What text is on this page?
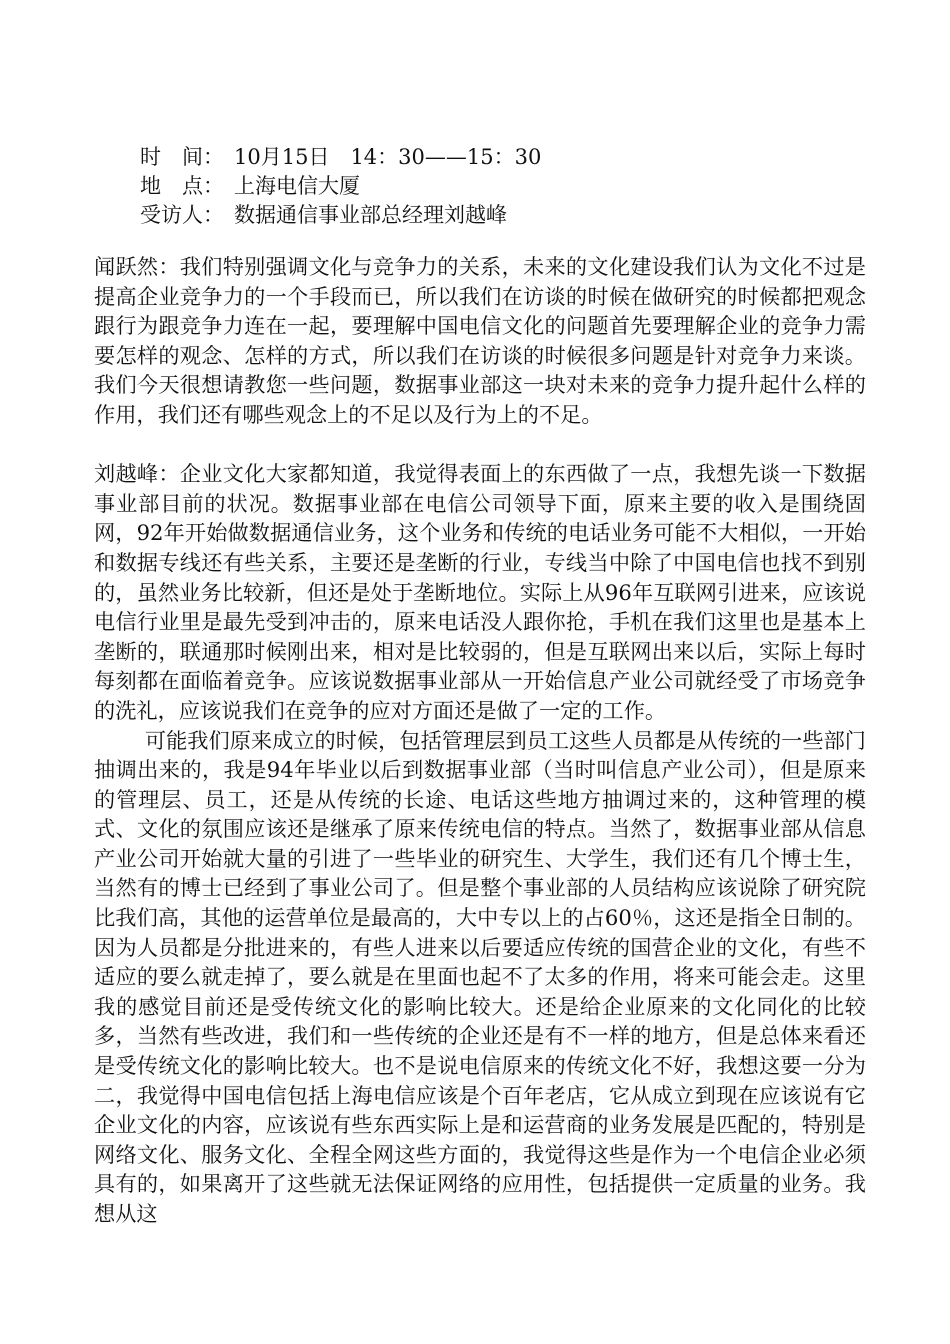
时　间： 10月15日　14：30——15：30
地　点： 上海电信大厦
受访人： 数据通信事业部总经理刘越峰

闻跃然：我们特别强调文化与竞争力的关系，未来的文化建设我们认为文化不过是提高企业竞争力的一个手段而已，所以我们在访谈的时候在做研究的时候都把观念跟行为跟竞争力连在一起，要理解中国电信文化的问题首先要理解企业的竞争力需要怎样的观念、怎样的方式，所以我们在访谈的时候很多问题是针对竞争力来谈。我们今天很想请教您一些问题，数据事业部这一块对未来的竞争力提升起什么样的作用，我们还有哪些观念上的不足以及行为上的不足。

刘越峰：企业文化大家都知道，我觉得表面上的东西做了一点，我想先谈一下数据事业部目前的状况。数据事业部在电信公司领导下面，原来主要的收入是围绕固网，92年开始做数据通信业务，这个业务和传统的电话业务可能不大相似，一开始和数据专线还有些关系，主要还是垄断的行业，专线当中除了中国电信也找不到别的，虽然业务比较新，但还是处于垄断地位。实际上从96年互联网引进来，应该说电信行业里是最先受到冲击的，原来电话没人跟你抢，手机在我们这里也是基本上垄断的，联通那时候刚出来，相对是比较弱的，但是互联网出来以后，实际上每时每刻都在面临着竞争。应该说数据事业部从一开始信息产业公司就经受了市场竞争的洗礼，应该说我们在竞争的应对方面还是做了一定的工作。

可能我们原来成立的时候，包括管理层到员工这些人员都是从传统的一些部门抽调出来的，我是94年毕业以后到数据事业部（当时叫信息产业公司），但是原来的管理层、员工，还是从传统的长途、电话这些地方抽调过来的，这种管理的模式、文化的氛围应该还是继承了原来传统电信的特点。当然了，数据事业部从信息产业公司开始就大量的引进了一些毕业的研究生、大学生，我们还有几个博士生，当然有的博士已经到了事业公司了。但是整个事业部的人员结构应该说除了研究院比我们高，其他的运营单位是最高的，大中专以上的占60％，这还是指全日制的。因为人员都是分批进来的，有些人进来以后要适应传统的国营企业的文化，有些不适应的要么就走掉了，要么就是在里面也起不了太多的作用，将来可能会走。这里我的感觉目前还是受传统文化的影响比较大。还是给企业原来的文化同化的比较多，当然有些改进，我们和一些传统的企业还是有不一样的地方，但是总体来看还是受传统文化的影响比较大。也不是说电信原来的传统文化不好，我想这要一分为二，我觉得中国电信包括上海电信应该是个百年老店，它从成立到现在应该说有它企业文化的内容，应该说有些东西实际上是和运营商的业务发展是匹配的，特别是网络文化、服务文化、全程全网这些方面的，我觉得这些是作为一个电信企业必须具有的，如果离开了这些就无法保证网络的应用性，包括提供一定质量的业务。我想从这
